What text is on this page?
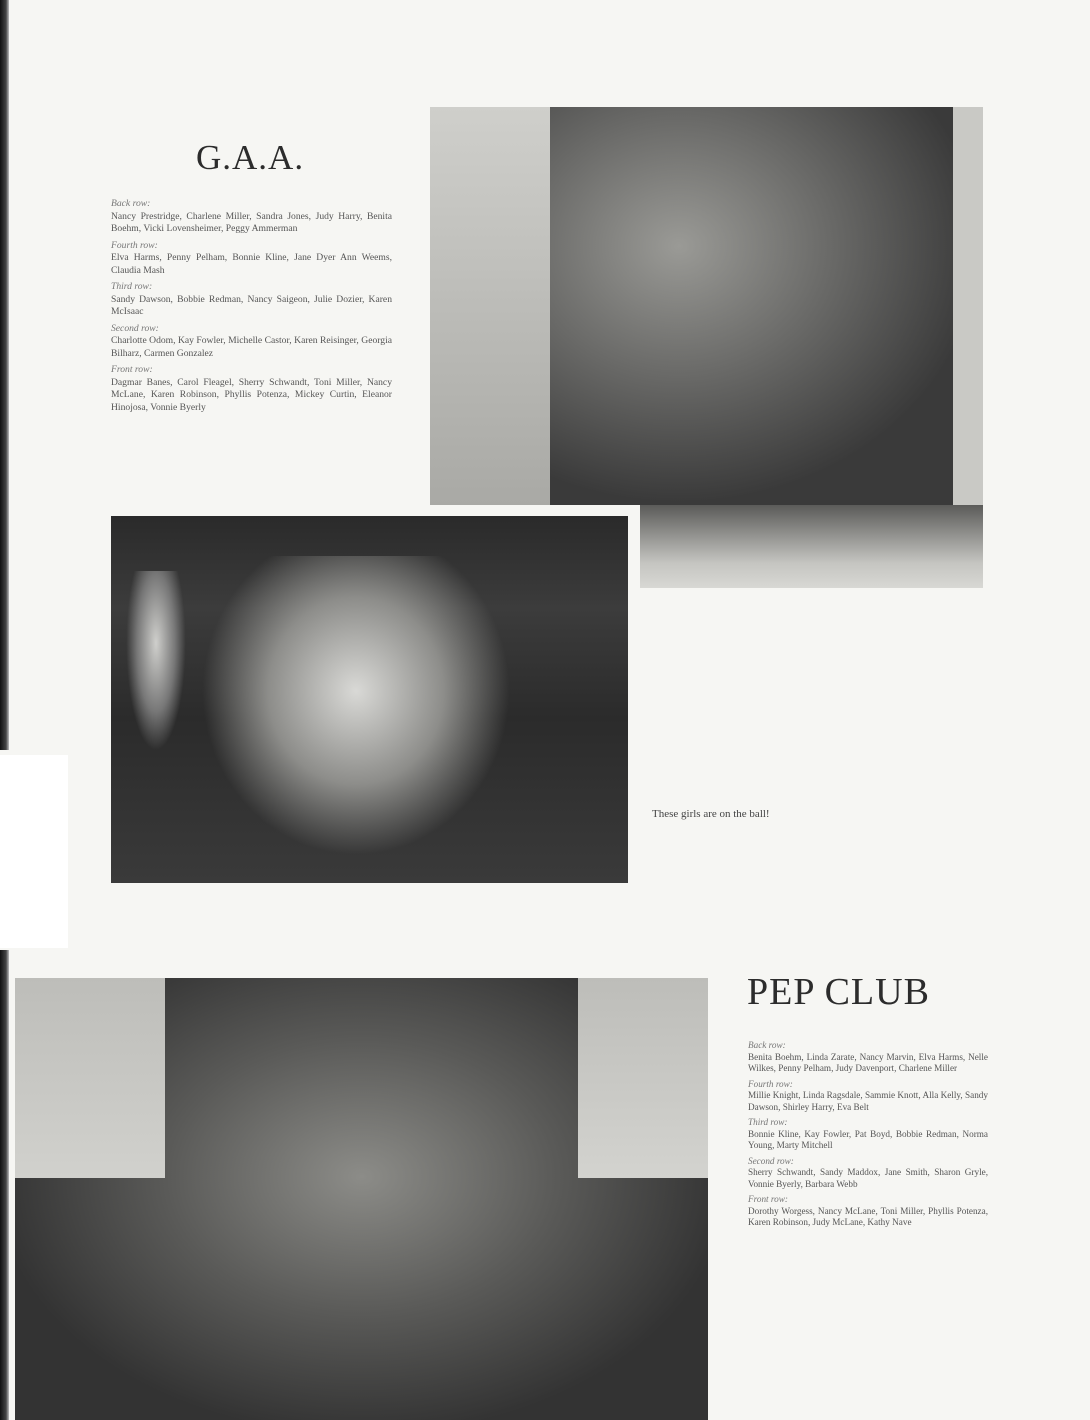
G.A.A.
Back row:
Nancy Prestridge, Charlene Miller, Sandra Jones, Judy Harry, Benita Boehm, Vicki Lovensheimer, Peggy Ammerman
Fourth row:
Elva Harms, Penny Pelham, Bonnie Kline, Jane Dyer Ann Weems, Claudia Mash
Third row:
Sandy Dawson, Bobbie Redman, Nancy Saigeon, Julie Dozier, Karen McIsaac
Second row:
Charlotte Odom, Kay Fowler, Michelle Castor, Karen Reisinger, Georgia Bilharz, Carmen Gonzalez
Front row:
Dagmar Banes, Carol Fleagel, Sherry Schwandt, Toni Miller, Nancy McLane, Karen Robinson, Phyllis Potenza, Mickey Curtin, Eleanor Hinojosa, Vonnie Byerly
These girls are on the ball!
PEP CLUB
Back row:
Benita Boehm, Linda Zarate, Nancy Marvin, Elva Harms, Nelle Wilkes, Penny Pelham, Judy Davenport, Charlene Miller
Fourth row:
Millie Knight, Linda Ragsdale, Sammie Knott, Alla Kelly, Sandy Dawson, Shirley Harry, Eva Belt
Third row:
Bonnie Kline, Kay Fowler, Pat Boyd, Bobbie Redman, Norma Young, Marty Mitchell
Second row:
Sherry Schwandt, Sandy Maddox, Jane Smith, Sharon Gryle, Vonnie Byerly, Barbara Webb
Front row:
Dorothy Worgess, Nancy McLane, Toni Miller, Phyllis Potenza, Karen Robinson, Judy McLane, Kathy Nave
